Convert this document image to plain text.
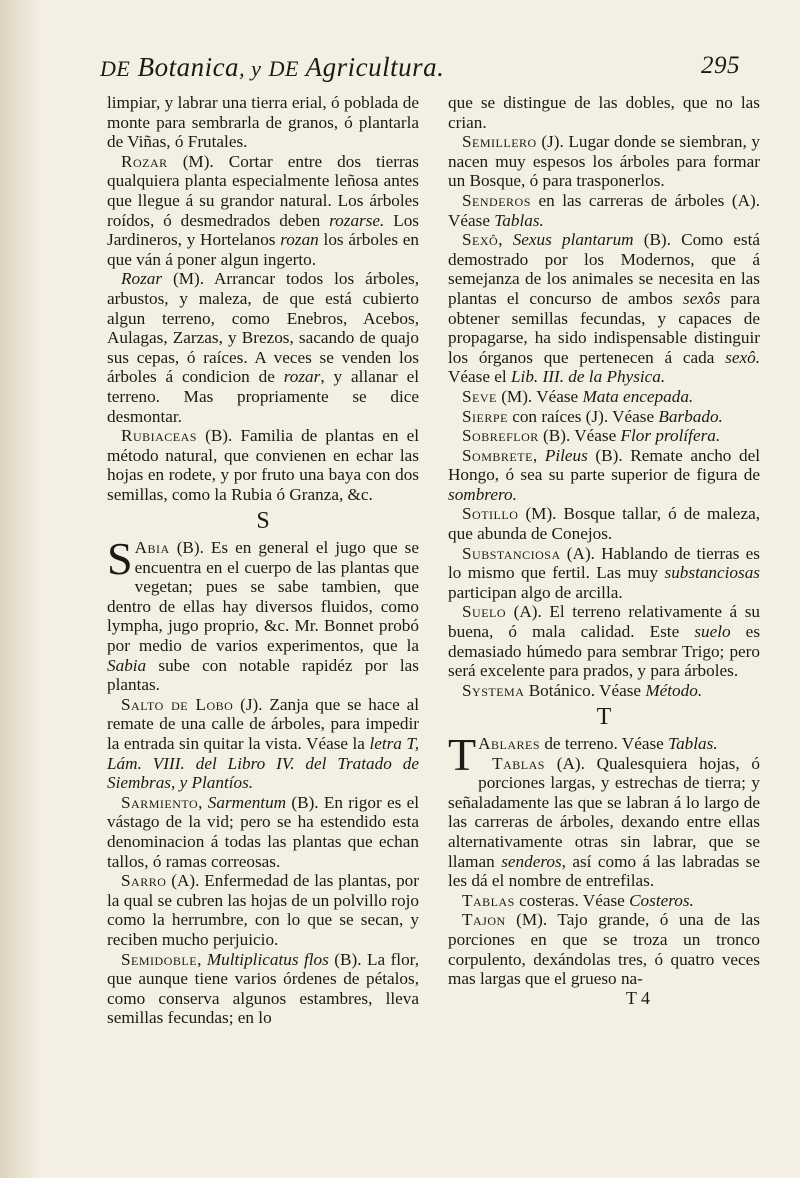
DE Botanica, y DE Agricultura.	295

limpiar, y labrar una tierra erial, ó poblada de monte para sembrarla de granos, ó plantarla de Viñas, ó Frutales.

Rozar (M). Cortar entre dos tierras qualquiera planta especialmente leñosa antes que llegue á su grandor natural. Los árboles roídos, ó desmedrados deben rozarse. Los Jardineros, y Hortelanos rozan los árboles en que ván á poner algun ingerto.

Rozar (M). Arrancar todos los árboles, arbustos, y maleza, de que está cubierto algun terreno, como Enebros, Acebos, Aulagas, Zarzas, y Brezos, sacando de quajo sus cepas, ó raíces. A veces se venden los árboles á condicion de rozar, y allanar el terreno. Mas propriamente se dice desmontar.

Rubiaceas (B). Familia de plantas en el método natural, que convienen en echar las hojas en rodete, y por fruto una baya con dos semillas, como la Rubia ó Granza, &c.

S

S Abia (B). Es en general el jugo que se encuentra en el cuerpo de las plantas que vegetan; pues se sabe tambien, que dentro de ellas hay diversos fluidos, como lympha, jugo proprio, &c. Mr. Bonnet probó por medio de varios experimentos, que la Sabia sube con notable rapidéz por las plantas.

Salto de Lobo (J). Zanja que se hace al remate de una calle de árboles, para impedir la entrada sin quitar la vista. Véase la letra T, Lám. VIII. del Libro IV. del Tratado de Siembras, y Plantíos.

Sarmiento, Sarmentum (B). En rigor es el vástago de la vid; pero se ha estendido esta denominacion á todas las plantas que echan tallos, ó ramas correosas.

Sarro (A). Enfermedad de las plantas, por la qual se cubren las hojas de un polvillo rojo como la herrumbre, con lo que se secan, y reciben mucho perjuicio.

Semidoble, Multiplicatus flos (B). La flor, que aunque tiene varios órdenes de pétalos, como conserva algunos estambres, lleva semillas fecundas; en lo

que se distingue de las dobles, que no las crian.

Semillero (J). Lugar donde se siembran, y nacen muy espesos los árboles para formar un Bosque, ó para trasponerlos.

Senderos en las carreras de árboles (A). Véase Tablas.

Sexô, Sexus plantarum (B). Como está demostrado por los Modernos, que á semejanza de los animales se necesita en las plantas el concurso de ambos sexôs para obtener semillas fecundas, y capaces de propagarse, ha sido indispensable distinguir los órganos que pertenecen á cada sexô. Véase el Lib. III. de la Physica.

Seve (M). Véase Mata encepada.

Sierpe con raíces (J). Véase Barbado.

Sobreflor (B). Véase Flor prolífera.

Sombrete, Pileus (B). Remate ancho del Hongo, ó sea su parte superior de figura de sombrero.

Sotillo (M). Bosque tallar, ó de maleza, que abunda de Conejos.

Substanciosa (A). Hablando de tierras es lo mismo que fertil. Las muy substanciosas participan algo de arcilla.

Suelo (A). El terreno relativamente á su buena, ó mala calidad. Este suelo es demasiado húmedo para sembrar Trigo; pero será excelente para prados, y para árboles.

Systema Botánico. Véase Método.

T

T Ablares de terreno. Véase Tablas.

Tablas (A). Qualesquiera hojas, ó porciones largas, y estrechas de tierra; y señaladamente las que se labran á lo largo de las carreras de árboles, dexando entre ellas alternativamente otras sin labrar, que se llaman senderos, así como á las labradas se les dá el nombre de entrefilas.

Tablas costeras. Véase Costeros.

Tajon (M). Tajo grande, ó una de las porciones en que se troza un tronco corpulento, dexándolas tres, ó quatro veces mas largas que el grueso na-

T 4
